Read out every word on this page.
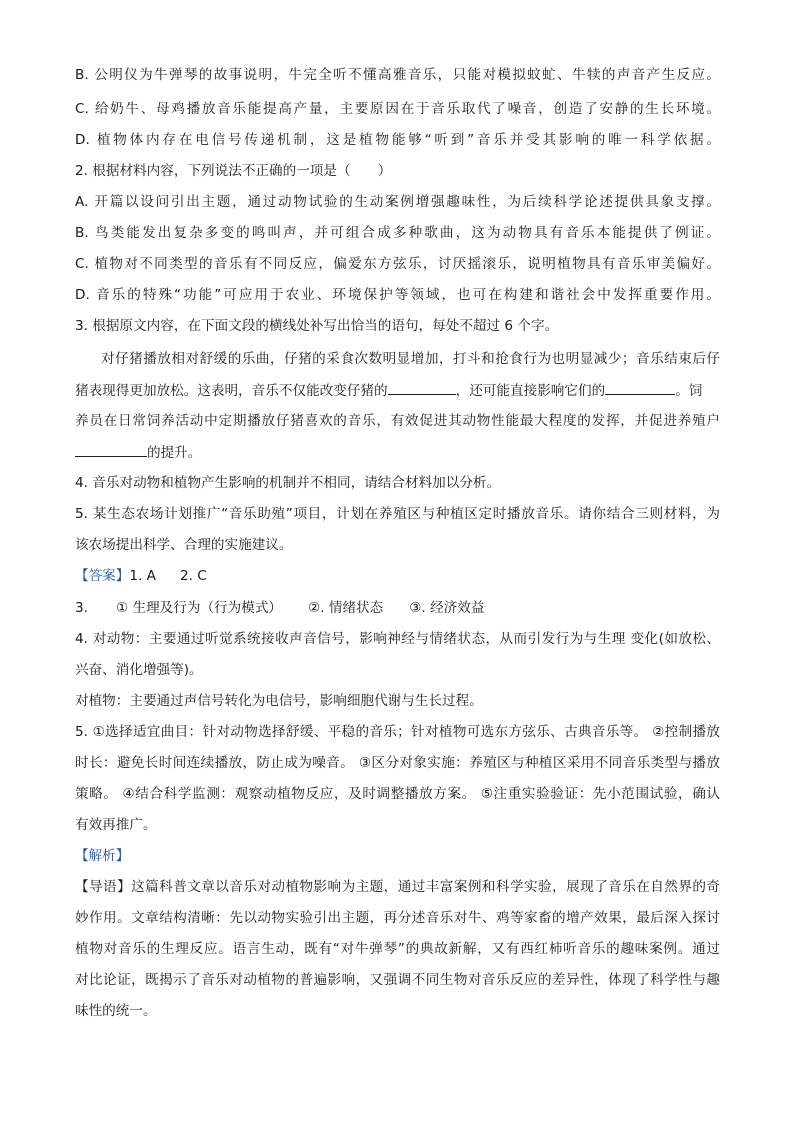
B. 公明仪为牛弹琴的故事说明，牛完全听不懂高雅音乐，只能对模拟蚊虻、牛犊的声音产生反应。
C. 给奶牛、母鸡播放音乐能提高产量，主要原因在于音乐取代了噪音，创造了安静的生长环境。
D. 植物体内存在电信号传递机制，这是植物能够“听到”音乐并受其影响的唯一科学依据。
2. 根据材料内容，下列说法不正确的一项是（　　）
A. 开篇以设问引出主题，通过动物试验的生动案例增强趣味性，为后续科学论述提供具象支撑。
B. 鸟类能发出复杂多变的鸣叫声，并可组合成多种歌曲，这为动物具有音乐本能提供了例证。
C. 植物对不同类型的音乐有不同反应，偏爱东方弦乐，讨厌摇滚乐，说明植物具有音乐审美偏好。
D. 音乐的特殊“功能”可应用于农业、环境保护等领域，也可在构建和谐社会中发挥重要作用。
3. 根据原文内容，在下面文段的横线处补写出恰当的语句，每处不超过 6 个字。
对仔猪播放相对舒缓的乐曲，仔猪的采食次数明显增加，打斗和抢食行为也明显减少；音乐结束后仔
猪表现得更加放松。这表明，音乐不仅能改变仔猪的	，还可能直接影响它们的	。饲
养员在日常饲养活动中定期播放仔猪喜欢的音乐，有效促进其动物性能最大程度的发挥，并促进养殖户
的提升。
4. 音乐对动物和植物产生影响的机制并不相同，请结合材料加以分析。
5. 某生态农场计划推广“音乐助殖”项目，计划在养殖区与种植区定时播放音乐。请你结合三则材料，为
该农场提出科学、合理的实施建议。
【答案】1. A 2. C
3. ① 生理及行为（行为模式） ②. 情绪状态 ③. 经济效益
4. 对动物：主要通过听觉系统接收声音信号，影响神经与情绪状态，从而引发行为与生理 变化(如放松、
兴奋、消化增强等)。
对植物：主要通过声信号转化为电信号，影响细胞代谢与生长过程。
5. ①选择适宜曲目：针对动物选择舒缓、平稳的音乐；针对植物可选东方弦乐、古典音乐等。 ②控制播放
时长：避免长时间连续播放，防止成为噪音。 ③区分对象实施：养殖区与种植区采用不同音乐类型与播放
策略。 ④结合科学监测：观察动植物反应，及时调整播放方案。 ⑤注重实验验证：先小范围试验，确认
有效再推广。
【解析】
【导语】这篇科普文章以音乐对动植物影响为主题，通过丰富案例和科学实验，展现了音乐在自然界的奇
妙作用。文章结构清晰：先以动物实验引出主题，再分述音乐对牛、鸡等家畜的增产效果，最后深入探讨
植物对音乐的生理反应。语言生动，既有“对牛弹琴”的典故新解，又有西红柿听音乐的趣味案例。通过
对比论证，既揭示了音乐对动植物的普遍影响，又强调不同生物对音乐反应的差异性，体现了科学性与趣
味性的统一。
